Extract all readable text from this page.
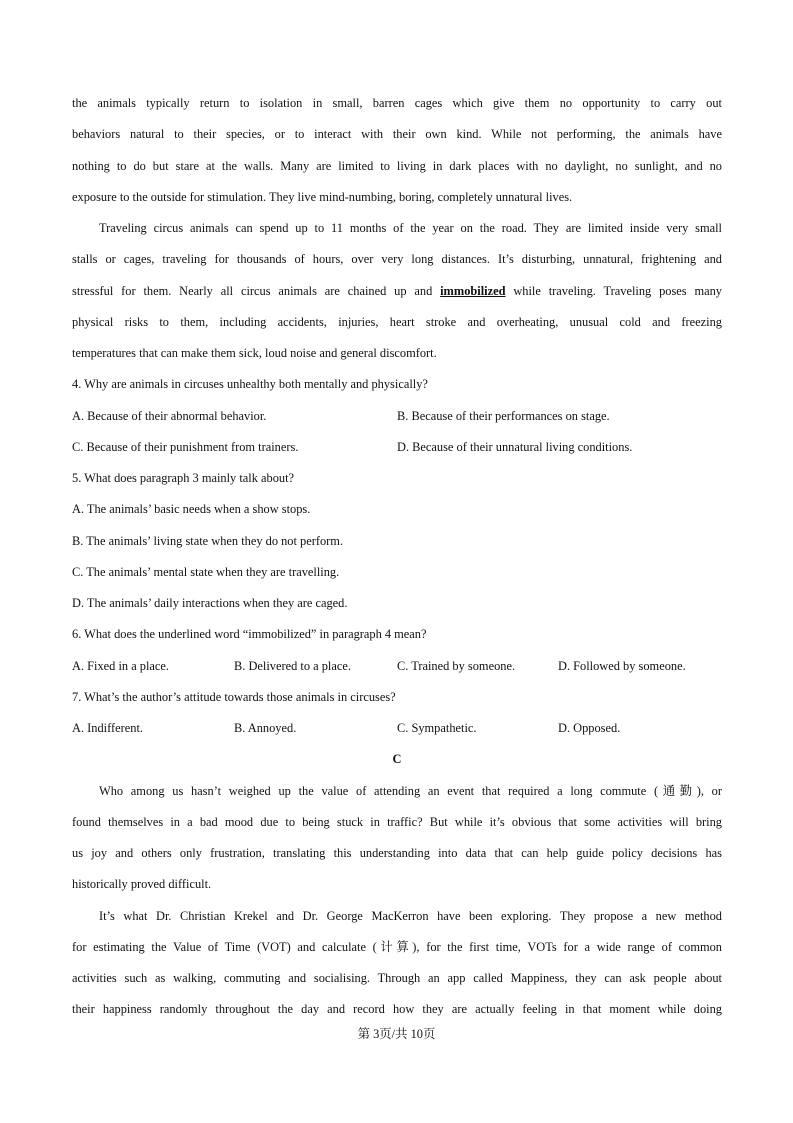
the animals typically return to isolation in small, barren cages which give them no opportunity to carry out
behaviors natural to their species, or to interact with their own kind. While not performing, the animals have
nothing to do but stare at the walls. Many are limited to living in dark places with no daylight, no sunlight, and no
exposure to the outside for stimulation. They live mind-numbing, boring, completely unnatural lives.
Traveling circus animals can spend up to 11 months of the year on the road. They are limited inside very small
stalls or cages, traveling for thousands of hours, over very long distances. It’s disturbing, unnatural, frightening and
stressful for them. Nearly all circus animals are chained up and immobilized while traveling. Traveling poses many
physical risks to them, including accidents, injuries, heart stroke and overheating, unusual cold and freezing
temperatures that can make them sick, loud noise and general discomfort.
4. Why are animals in circuses unhealthy both mentally and physically?
A. Because of their abnormal behavior.	B. Because of their performances on stage.
C. Because of their punishment from trainers.	D. Because of their unnatural living conditions.
5. What does paragraph 3 mainly talk about?
A. The animals’ basic needs when a show stops.
B. The animals’ living state when they do not perform.
C. The animals’ mental state when they are travelling.
D. The animals’ daily interactions when they are caged.
6. What does the underlined word “immobilized” in paragraph 4 mean?
A. Fixed in a place.	B. Delivered to a place.	C. Trained by someone.	D. Followed by someone.
7. What’s the author’s attitude towards those animals in circuses?
A. Indifferent.	B. Annoyed.	C. Sympathetic.	D. Opposed.
C
Who among us hasn’t weighed up the value of attending an event that required a long commute (通勤), or
found themselves in a bad mood due to being stuck in traffic? But while it’s obvious that some activities will bring
us joy and others only frustration, translating this understanding into data that can help guide policy decisions has
historically proved difficult.
It’s what Dr. Christian Krekel and Dr. George MacKerron have been exploring. They propose a new method
for estimating the Value of Time (VOT) and calculate (计算), for the first time, VOTs for a wide range of common
activities such as walking, commuting and socialising. Through an app called Mappiness, they can ask people about
their happiness randomly throughout the day and record how they are actually feeling in that moment while doing
第 3页/共 10页
